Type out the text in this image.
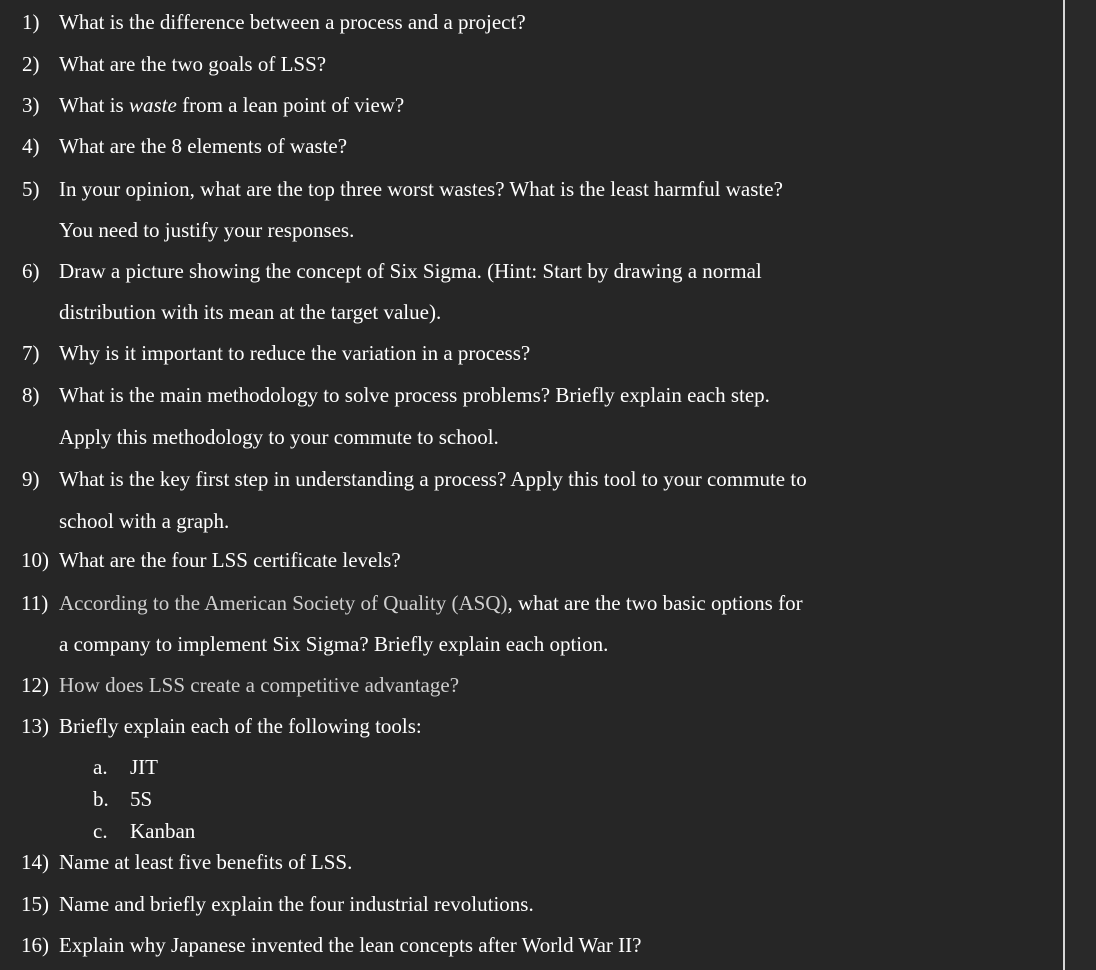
1) What is the difference between a process and a project?
2) What are the two goals of LSS?
3) What is waste from a lean point of view?
4) What are the 8 elements of waste?
5) In your opinion, what are the top three worst wastes? What is the least harmful waste?
You need to justify your responses.
6) Draw a picture showing the concept of Six Sigma. (Hint: Start by drawing a normal
distribution with its mean at the target value).
7) Why is it important to reduce the variation in a process?
8) What is the main methodology to solve process problems? Briefly explain each step.
Apply this methodology to your commute to school.
9) What is the key first step in understanding a process? Apply this tool to your commute to
school with a graph.
10) What are the four LSS certificate levels?
11) According to the American Society of Quality (ASQ), what are the two basic options for
a company to implement Six Sigma? Briefly explain each option.
12) How does LSS create a competitive advantage?
13) Briefly explain each of the following tools:
a. JIT
b. 5S
c. Kanban
14) Name at least five benefits of LSS.
15) Name and briefly explain the four industrial revolutions.
16) Explain why Japanese invented the lean concepts after World War II?
